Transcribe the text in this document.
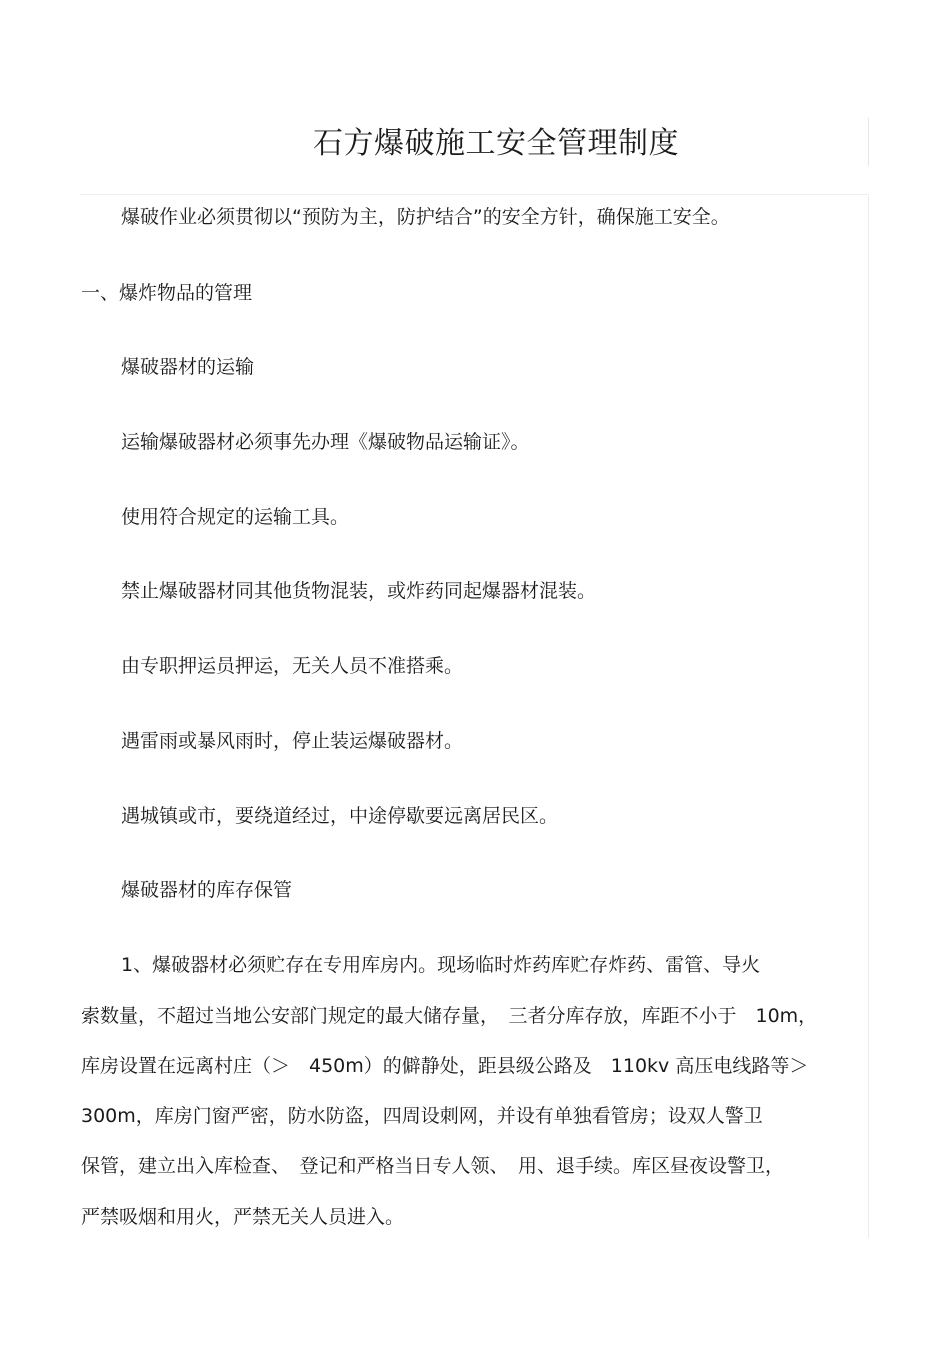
石方爆破施工安全管理制度
爆破作业必须贯彻以“预防为主，防护结合”的安全方针，确保施工安全。
一、爆炸物品的管理
爆破器材的运输
运输爆破器材必须事先办理《爆破物品运输证》。
使用符合规定的运输工具。
禁止爆破器材同其他货物混装，或炸药同起爆器材混装。
由专职押运员押运，无关人员不准搭乘。
遇雷雨或暴风雨时，停止装运爆破器材。
遇城镇或市，要绕道经过，中途停歇要远离居民区。
爆破器材的库存保管
1、爆破器材必须贮存在专用库房内。现场临时炸药库贮存炸药、雷管、导火
索数量，不超过当地公安部门规定的最大储存量，　三者分库存放，库距不小于　10m，
库房设置在远离村庄（＞　450m）的僻静处，距县级公路及　110kv 高压电线路等＞
300m，库房门窗严密，防水防盗，四周设刺网，并设有单独看管房；设双人警卫
保管，建立出入库检查、　登记和严格当日专人领、　用、退手续。库区昼夜设警卫，
严禁吸烟和用火，严禁无关人员进入。
